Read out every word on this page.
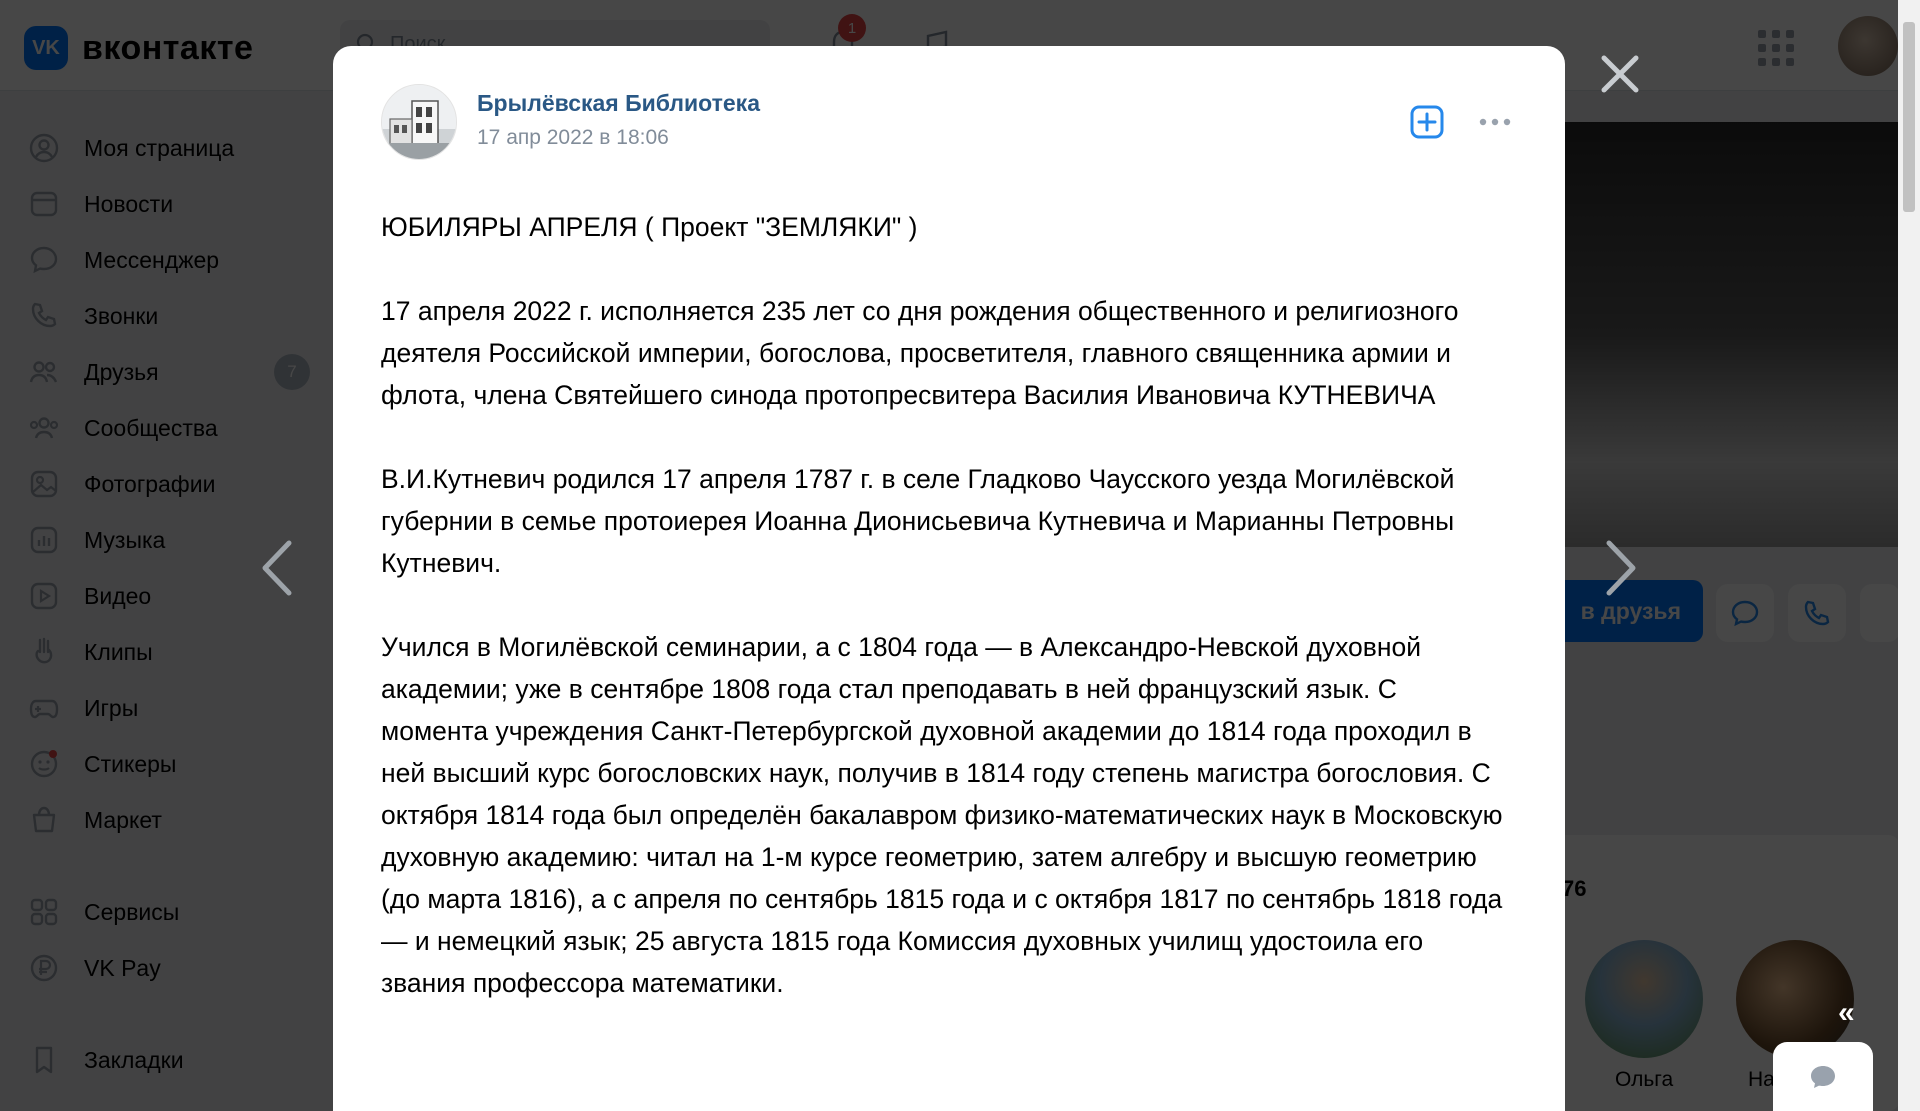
«
Брылёвская Библиотека
17 апр 2022 в 18:06

ЮБИЛЯРЫ АПРЕЛЯ ( Проект "ЗЕМЛЯКИ" )

17 апреля 2022 г. исполняется 235 лет со дня рождения общественного и религиозного деятеля Российской империи, богослова, просветителя, главного священника армии и флота, члена Святейшего синода протопресвитера Василия Ивановича КУТНЕВИЧА

В.И.Кутневич родился 17 апреля 1787 г. в селе Гладково Чаусского уезда Могилёвской губернии в семье протоиерея Иоанна Дионисьевича Кутневича и Марианны Петровны Кутневич.

Учился в Могилёвской семинарии, а с 1804 года — в Александро-Невской духовной академии; уже в сентябре 1808 года стал преподавать в ней французский язык. С момента учреждения Санкт-Петербургской духовной академии до 1814 года проходил в ней высший курс богословских наук, получив в 1814 году степень магистра богословия. С октября 1814 года был определён бакалавром физико-математических наук в Московскую духовную академию: читал на 1-м курсе геометрию, затем алгебру и высшую геометрию (до марта 1816), а с апреля по сентябрь 1815 года и с октября 1817 по сентябрь 1818 года — и немецкий язык; 25 августа 1815 года Комиссия духовных училищ удостоила его звания профессора математики.
